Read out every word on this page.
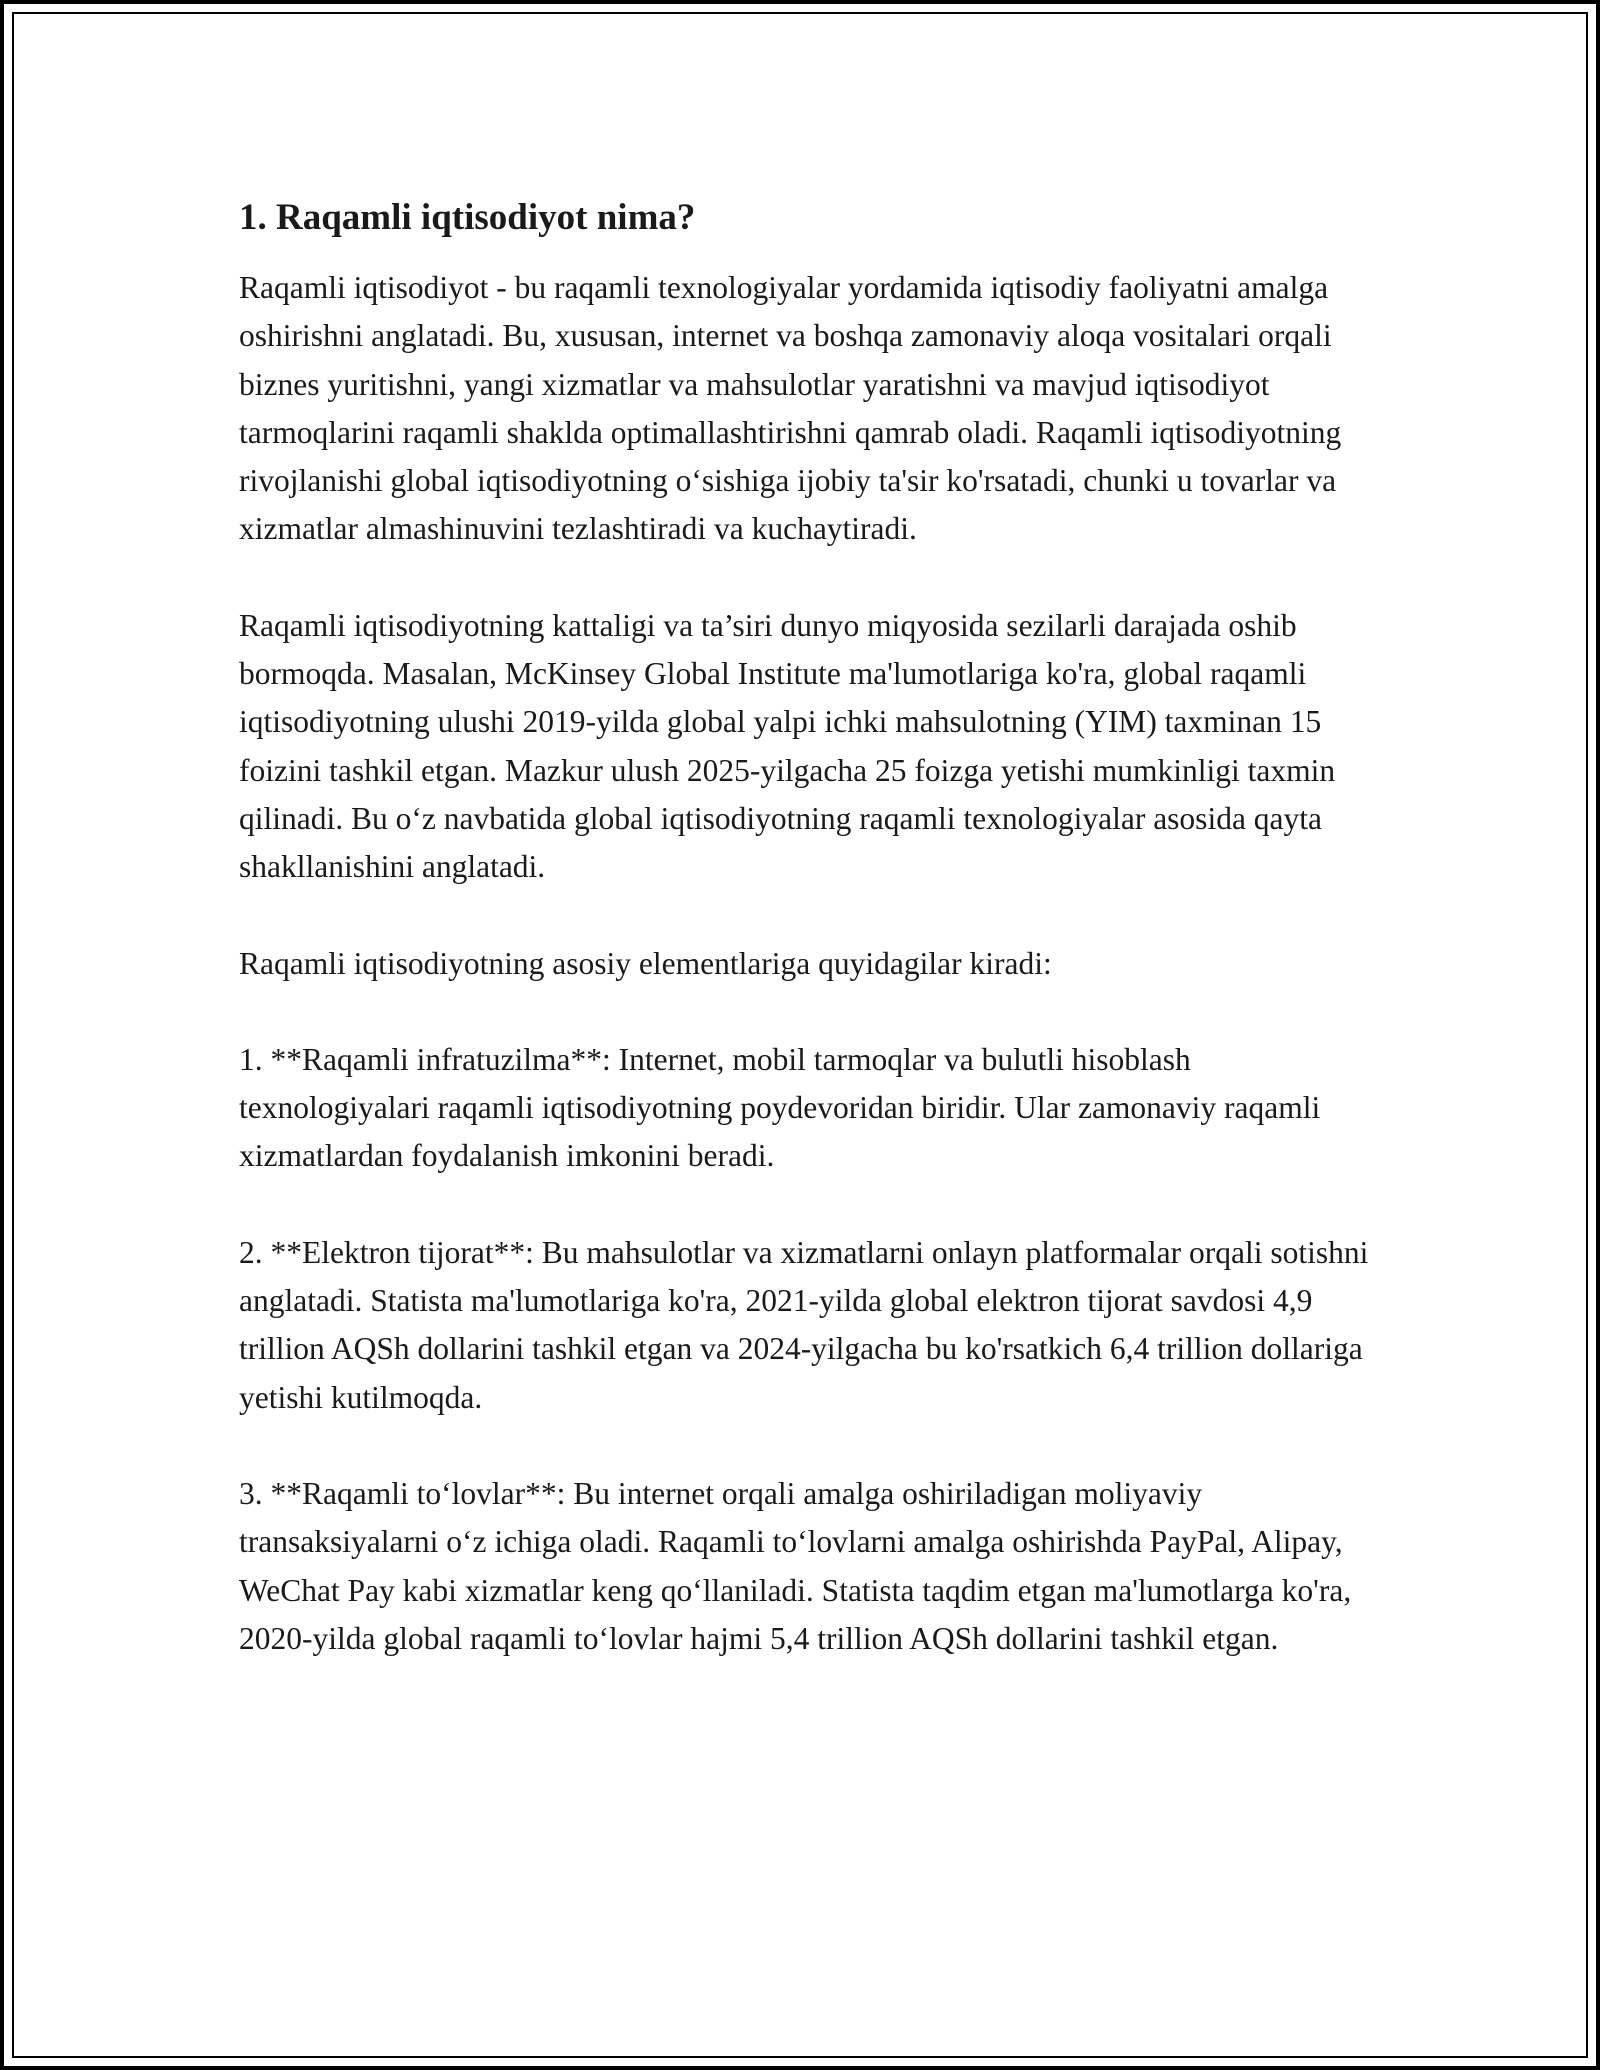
1. Raqamli iqtisodiyot nima?

Raqamli iqtisodiyot - bu raqamli texnologiyalar yordamida iqtisodiy faoliyatni amalga oshirishni anglatadi. Bu, xususan, internet va boshqa zamonaviy aloqa vositalari orqali biznes yuritishni, yangi xizmatlar va mahsulotlar yaratishni va mavjud iqtisodiyot tarmoqlarini raqamli shaklda optimallashtirishni qamrab oladi. Raqamli iqtisodiyotning rivojlanishi global iqtisodiyotning o‘sishiga ijobiy ta'sir ko'rsatadi, chunki u tovarlar va xizmatlar almashinuvini tezlashtiradi va kuchaytiradi.

Raqamli iqtisodiyotning kattaligi va ta’siri dunyo miqyosida sezilarli darajada oshib bormoqda. Masalan, McKinsey Global Institute ma'lumotlariga ko'ra, global raqamli iqtisodiyotning ulushi 2019-yilda global yalpi ichki mahsulotning (YIM) taxminan 15 foizini tashkil etgan. Mazkur ulush 2025-yilgacha 25 foizga yetishi mumkinligi taxmin qilinadi. Bu o‘z navbatida global iqtisodiyotning raqamli texnologiyalar asosida qayta shakllanishini anglatadi.

Raqamli iqtisodiyotning asosiy elementlariga quyidagilar kiradi:

1. **Raqamli infratuzilma**: Internet, mobil tarmoqlar va bulutli hisoblash texnologiyalari raqamli iqtisodiyotning poydevoridan biridir. Ular zamonaviy raqamli xizmatlardan foydalanish imkonini beradi.

2. **Elektron tijorat**: Bu mahsulotlar va xizmatlarni onlayn platformalar orqali sotishni anglatadi. Statista ma'lumotlariga ko'ra, 2021-yilda global elektron tijorat savdosi 4,9 trillion AQSh dollarini tashkil etgan va 2024-yilgacha bu ko'rsatkich 6,4 trillion dollariga yetishi kutilmoqda.

3. **Raqamli to‘lovlar**: Bu internet orqali amalga oshiriladigan moliyaviy transaksiyalarni o‘z ichiga oladi. Raqamli to‘lovlarni amalga oshirishda PayPal, Alipay, WeChat Pay kabi xizmatlar keng qo‘llaniladi. Statista taqdim etgan ma'lumotlarga ko'ra, 2020-yilda global raqamli to‘lovlar hajmi 5,4 trillion AQSh dollarini tashkil etgan.
